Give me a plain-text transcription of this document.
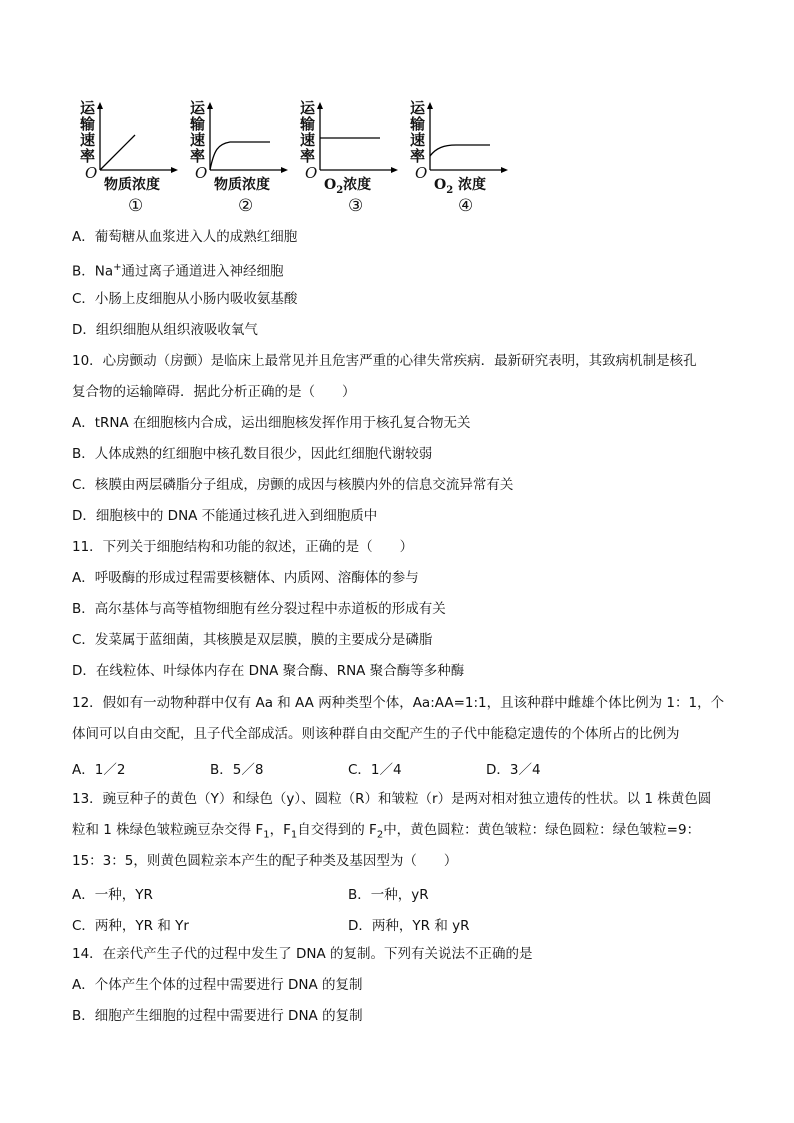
运
输
速
率
O
物质浓度
①
运
输
速
率
O
物质浓度
②
运
输
速
率
O
$O_2$浓度
③
运
输
速
率
O
$O_2$ 浓度
④
A．葡萄糖从血浆进入人的成熟红细胞
B．Na+通过离子通道进入神经细胞
C．小肠上皮细胞从小肠内吸收氨基酸
D．组织细胞从组织液吸收氧气
10．心房颤动（房颤）是临床上最常见并且危害严重的心律失常疾病．最新研究表明，其致病机制是核孔
复合物的运输障碍．据此分析正确的是（　　）
A．tRNA 在细胞核内合成，运出细胞核发挥作用于核孔复合物无关
B．人体成熟的红细胞中核孔数目很少，因此红细胞代谢较弱
C．核膜由两层磷脂分子组成，房颤的成因与核膜内外的信息交流异常有关
D．细胞核中的 DNA 不能通过核孔进入到细胞质中
11．下列关于细胞结构和功能的叙述，正确的是（　　）
A．呼吸酶的形成过程需要核糖体、内质网、溶酶体的参与
B．高尔基体与高等植物细胞有丝分裂过程中赤道板的形成有关
C．发菜属于蓝细菌，其核膜是双层膜，膜的主要成分是磷脂
D．在线粒体、叶绿体内存在 DNA 聚合酶、RNA 聚合酶等多种酶
12．假如有一动物种群中仅有 Aa 和 AA 两种类型个体，Aa:AA=1:1，且该种群中雌雄个体比例为 1：1，个
体间可以自由交配，且子代全部成活。则该种群自由交配产生的子代中能稳定遗传的个体所占的比例为
A．1／2	B．5／8	C．1／4	D．3／4
13．豌豆种子的黄色（Y）和绿色（y）、圆粒（R）和皱粒（r）是两对相对独立遗传的性状。以 1 株黄色圆
粒和 1 株绿色皱粒豌豆杂交得 $F_1$，$F_1$自交得到的 $F_2$中，黄色圆粒：黄色皱粒：绿色圆粒：绿色皱粒=9：
15：3：5，则黄色圆粒亲本产生的配子种类及基因型为（　　）
A．一种，YR	B．一种，yR
C．两种，YR 和 Yr	D．两种，YR 和 yR
14．在亲代产生子代的过程中发生了 DNA 的复制。下列有关说法不正确的是
A．个体产生个体的过程中需要进行 DNA 的复制
B．细胞产生细胞的过程中需要进行 DNA 的复制
